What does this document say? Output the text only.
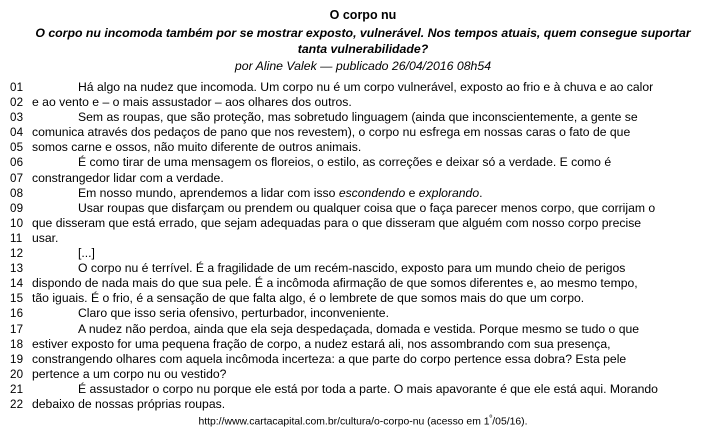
O corpo nu
O corpo nu incomoda também por se mostrar exposto, vulnerável. Nos tempos atuais, quem consegue suportar tanta vulnerabilidade?
por Aline Valek — publicado 26/04/2016 08h54
01	Há algo na nudez que incomoda. Um corpo nu é um corpo vulnerável, exposto ao frio e à chuva e ao calor
02 e ao vento e – o mais assustador – aos olhares dos outros.
03	Sem as roupas, que são proteção, mas sobretudo linguagem (ainda que inconscientemente, a gente se
04 comunica através dos pedaços de pano que nos revestem), o corpo nu esfrega em nossas caras o fato de que
05 somos carne e ossos, não muito diferente de outros animais.
06	É como tirar de uma mensagem os floreios, o estilo, as correções e deixar só a verdade. E como é
07 constrangedor lidar com a verdade.
08	Em nosso mundo, aprendemos a lidar com isso escondendo e explorando.
09	Usar roupas que disfarçam ou prendem ou qualquer coisa que o faça parecer menos corpo, que corrijam o
10 que disseram que está errado, que sejam adequadas para o que disseram que alguém com nosso corpo precise
11 usar.
12	[...]
13	O corpo nu é terrível. É a fragilidade de um recém-nascido, exposto para um mundo cheio de perigos
14 dispondo de nada mais do que sua pele. É a incômoda afirmação de que somos diferentes e, ao mesmo tempo,
15 tão iguais. É o frio, é a sensação de que falta algo, é o lembrete de que somos mais do que um corpo.
16	Claro que isso seria ofensivo, perturbador, inconveniente.
17	A nudez não perdoa, ainda que ela seja despedaçada, domada e vestida. Porque mesmo se tudo o que
18 estiver exposto for uma pequena fração de corpo, a nudez estará ali, nos assombrando com sua presença,
19 constrangendo olhares com aquela incômoda incerteza: a que parte do corpo pertence essa dobra? Esta pele
20 pertence a um corpo nu ou vestido?
21	É assustador o corpo nu porque ele está por toda a parte. O mais apavorante é que ele está aqui. Morando
22 debaixo de nossas próprias roupas.
http://www.cartacapital.com.br/cultura/o-corpo-nu (acesso em $1^º/05/16$).
